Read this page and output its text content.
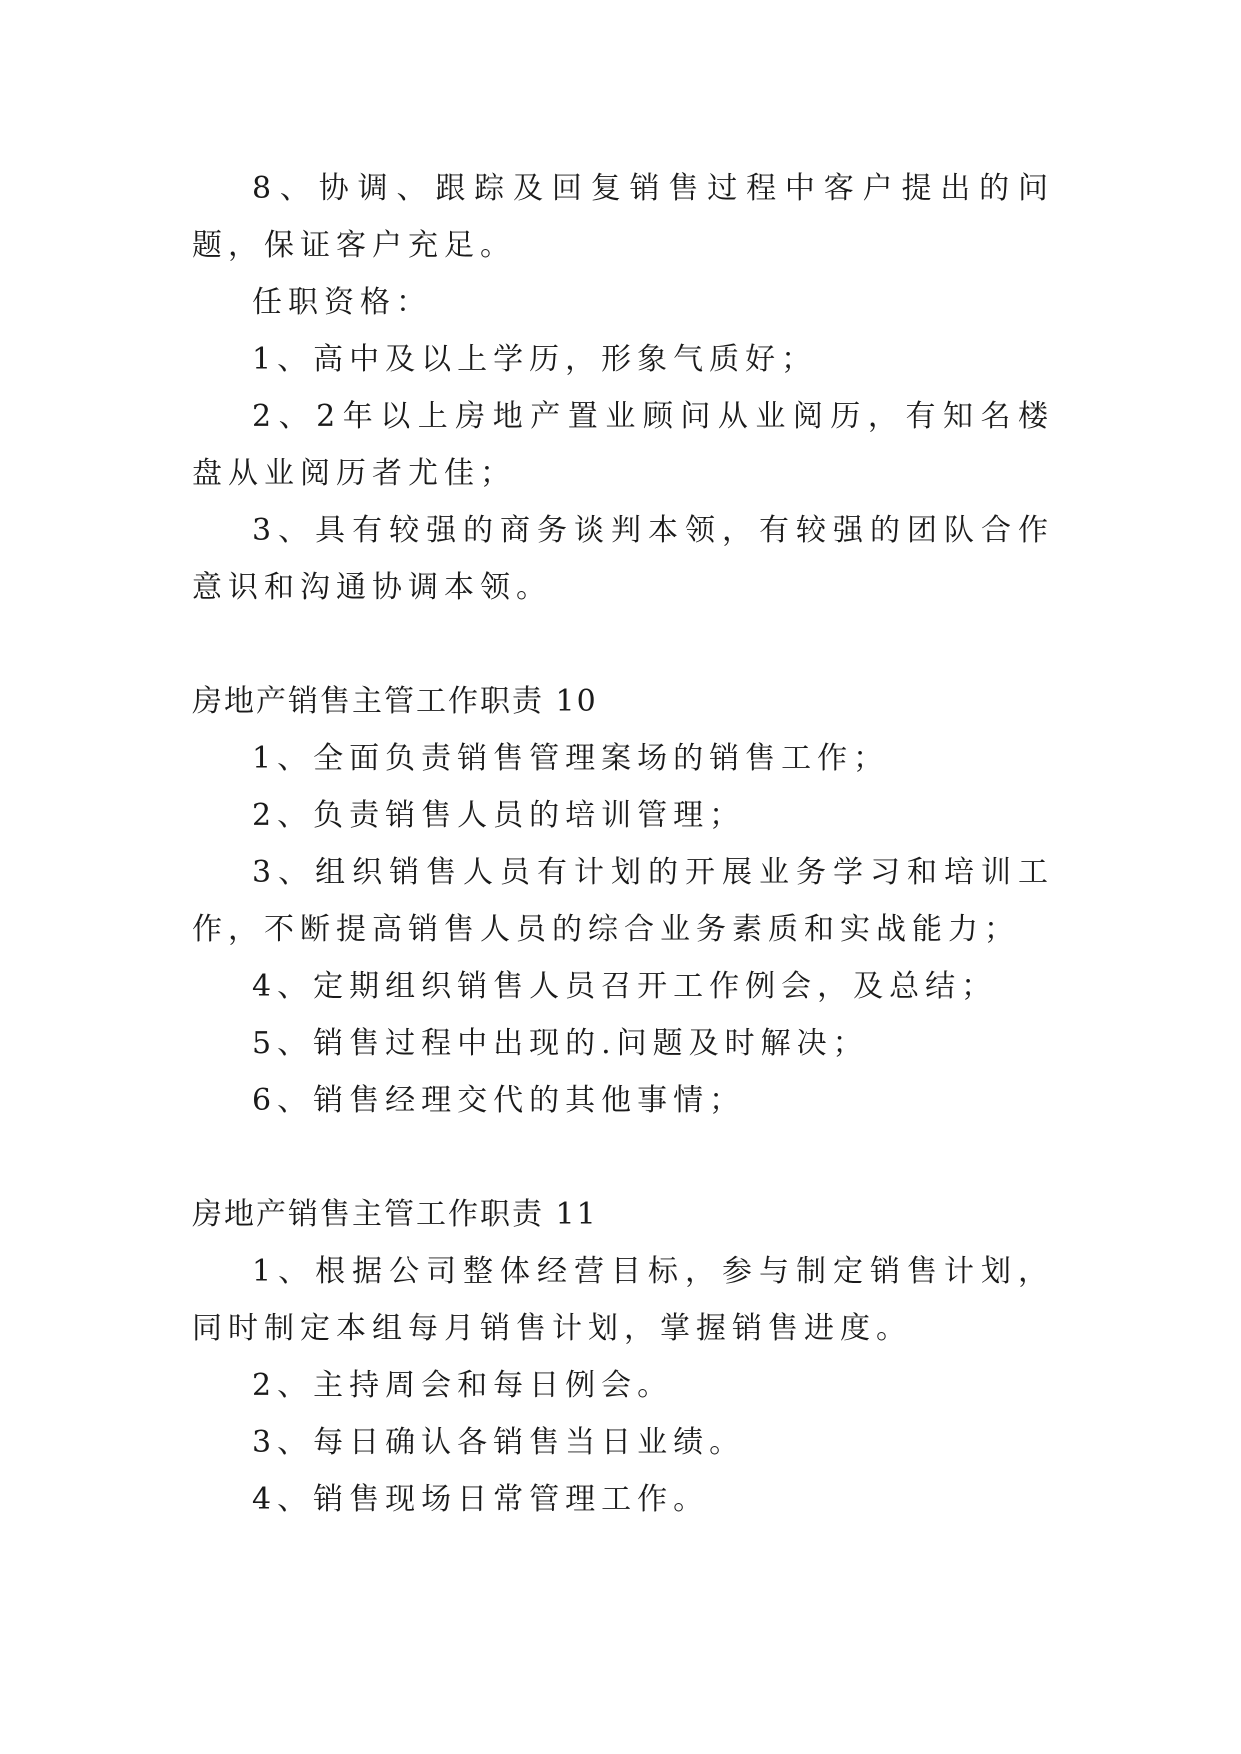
8、协调、跟踪及回复销售过程中客户提出的问题，保证客户充足。

任职资格：

1、高中及以上学历，形象气质好；

2、2年以上房地产置业顾问从业阅历，有知名楼盘从业阅历者尤佳；

3、具有较强的商务谈判本领，有较强的团队合作意识和沟通协调本领。

房地产销售主管工作职责 10

1、全面负责销售管理案场的销售工作；

2、负责销售人员的培训管理；

3、组织销售人员有计划的开展业务学习和培训工作，不断提高销售人员的综合业务素质和实战能力；

4、定期组织销售人员召开工作例会，及总结；

5、销售过程中出现的.问题及时解决；

6、销售经理交代的其他事情；

房地产销售主管工作职责 11

1、根据公司整体经营目标，参与制定销售计划，同时制定本组每月销售计划，掌握销售进度。

2、主持周会和每日例会。

3、每日确认各销售当日业绩。

4、销售现场日常管理工作。
